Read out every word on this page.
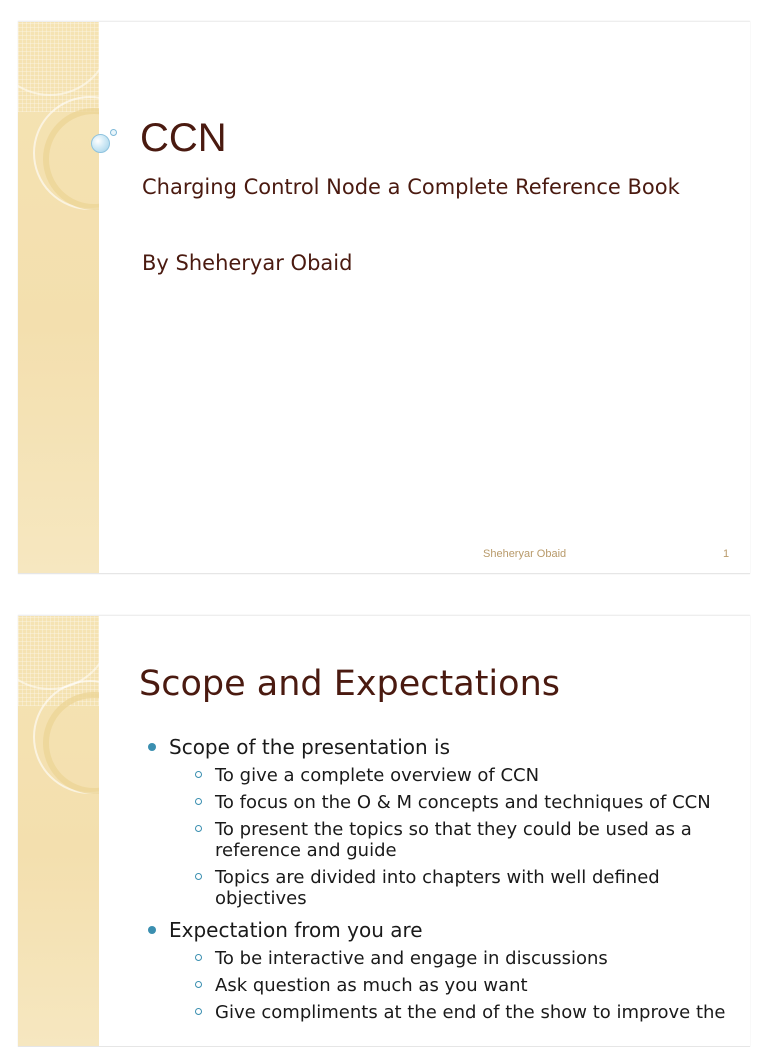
CCN

Charging Control Node a Complete Reference Book

By Sheheryar Obaid

Sheheryar Obaid	1
Scope and Expectations
Scope of the presentation is
To give a complete overview of CCN
To focus on the O & M concepts and techniques of CCN
To present the topics so that they could be used as a reference and guide
Topics are divided into chapters with well defined objectives
Expectation from you are
To be interactive and engage in discussions
Ask question as much as you want
Give compliments at the end of the show to improve the
